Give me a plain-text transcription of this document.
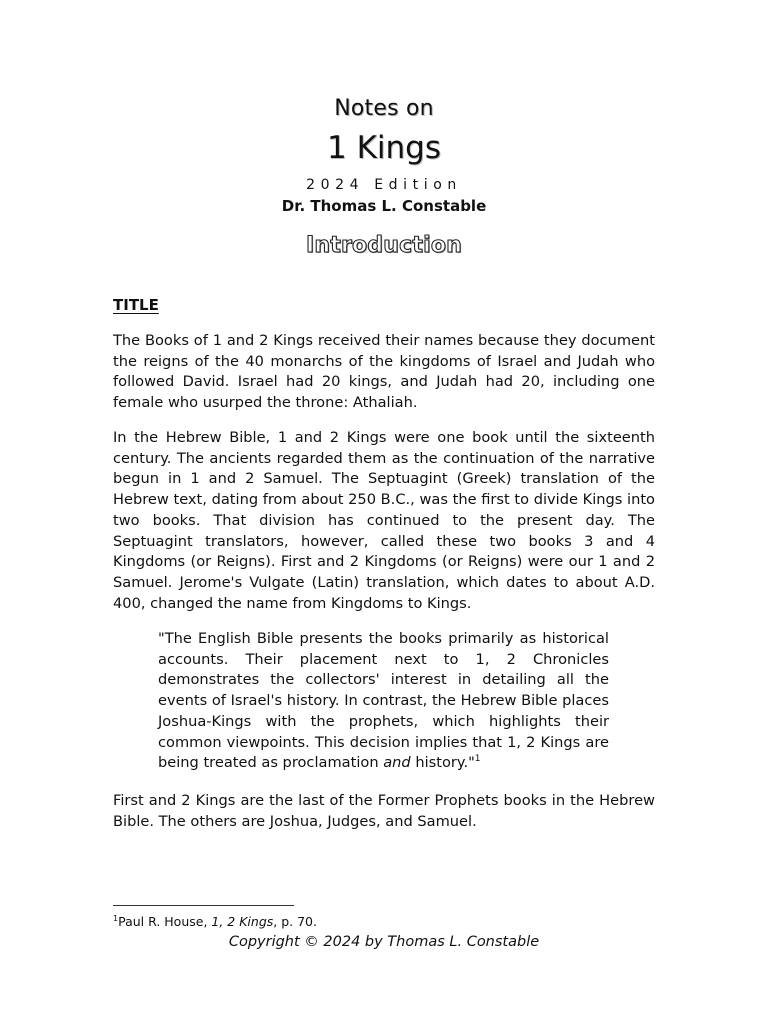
Notes on
1 Kings
2024 Edition
Dr. Thomas L. Constable
Introduction
TITLE

The Books of 1 and 2 Kings received their names because they document the reigns of the 40 monarchs of the kingdoms of Israel and Judah who followed David. Israel had 20 kings, and Judah had 20, including one female who usurped the throne: Athaliah.

In the Hebrew Bible, 1 and 2 Kings were one book until the sixteenth century. The ancients regarded them as the continuation of the narrative begun in 1 and 2 Samuel. The Septuagint (Greek) translation of the Hebrew text, dating from about 250 B.C., was the first to divide Kings into two books. That division has continued to the present day. The Septuagint translators, however, called these two books 3 and 4 Kingdoms (or Reigns). First and 2 Kingdoms (or Reigns) were our 1 and 2 Samuel. Jerome's Vulgate (Latin) translation, which dates to about A.D. 400, changed the name from Kingdoms to Kings.

"The English Bible presents the books primarily as historical accounts. Their placement next to 1, 2 Chronicles demonstrates the collectors' interest in detailing all the events of Israel's history. In contrast, the Hebrew Bible places Joshua-Kings with the prophets, which highlights their common viewpoints. This decision implies that 1, 2 Kings are being treated as proclamation and history."$^1$

First and 2 Kings are the last of the Former Prophets books in the Hebrew Bible. The others are Joshua, Judges, and Samuel.

$^1$Paul R. House, 1, 2 Kings, p. 70.
Copyright © 2024 by Thomas L. Constable
